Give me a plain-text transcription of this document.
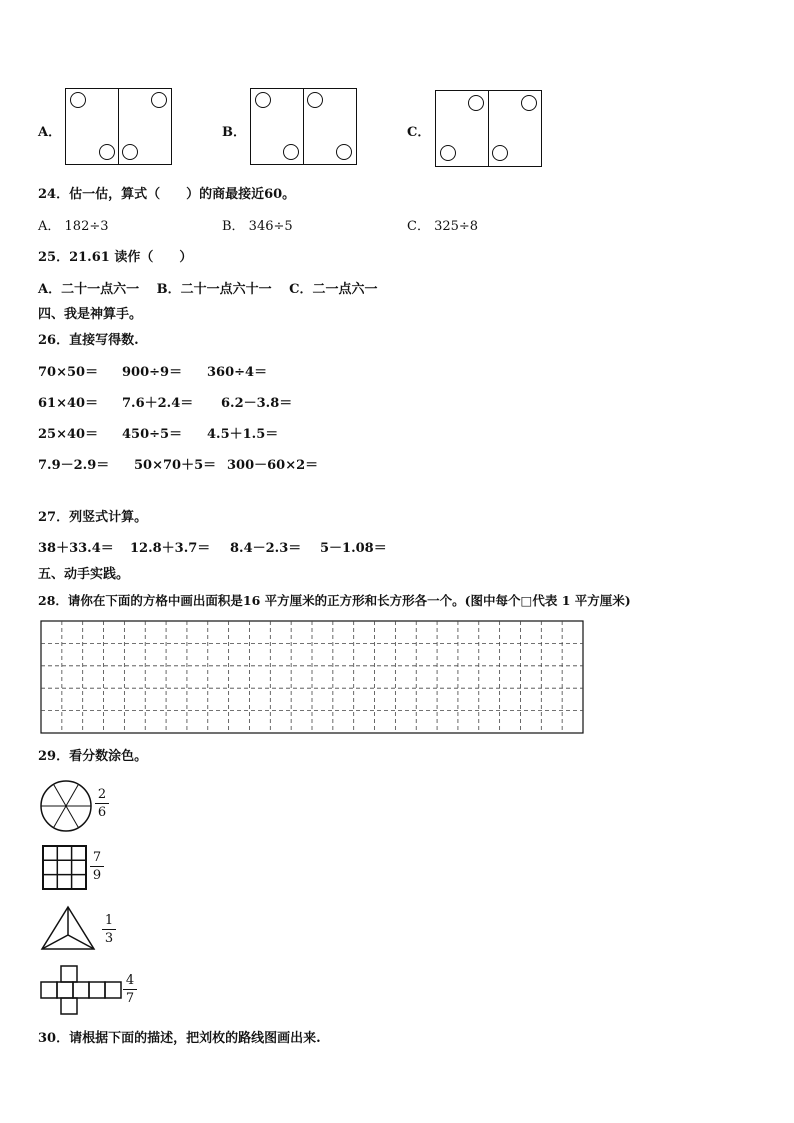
A．	B．	C．
24．估一估，算式（　　）的商最接近60。
A． 182÷3	B． 346÷5	C． 325÷8
25．21.61 读作（　　）
A．二十一点六一　 B．二十一点六十一　 C．二一点六一
四、我是神算手。
26．直接写得数.
70×50＝ 900÷9＝ 360÷4＝
61×40＝ 7.6＋2.4＝ 6.2－3.8＝
25×40＝ 450÷5＝ 4.5＋1.5＝
7.9－2.9＝ 50×70＋5＝ 300－60×2＝
27．列竖式计算。
38＋33.4＝ 12.8＋3.7＝ 8.4－2.3＝ 5－1.08＝
五、动手实践。
28．请你在下面的方格中画出面积是16 平方厘米的正方形和长方形各一个。(图中每个□代表 1 平方厘米)
29．看分数涂色。
2
6
7
9
1
3
4
7
30．请根据下面的描述，把刘枚的路线图画出来.
